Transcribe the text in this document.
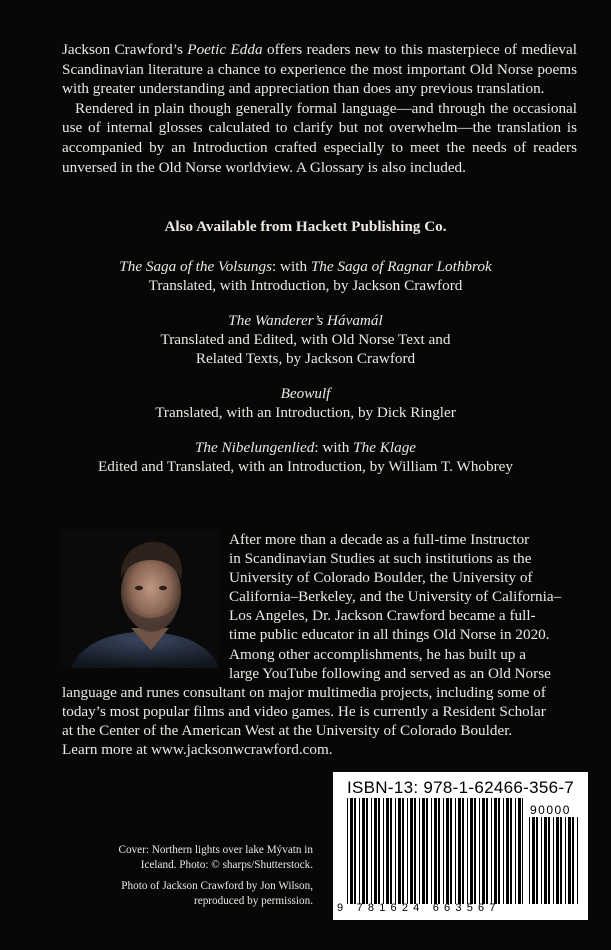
Jackson Crawford’s Poetic Edda offers readers new to this masterpiece of medieval Scandinavian literature a chance to experience the most important Old Norse poems with greater understanding and appreciation than does any previous translation.

Rendered in plain though generally formal language—and through the occasional use of internal glosses calculated to clarify but not overwhelm—the translation is accompanied by an Introduction crafted especially to meet the needs of readers unversed in the Old Norse worldview. A Glossary is also included.

Also Available from Hackett Publishing Co.
The Saga of the Volsungs: with The Saga of Ragnar Lothbrok
Translated, with Introduction, by Jackson Crawford
The Wanderer’s Hávamál
Translated and Edited, with Old Norse Text and
Related Texts, by Jackson Crawford
Beowulf
Translated, with an Introduction, by Dick Ringler
The Nibelungenlied: with The Klage
Edited and Translated, with an Introduction, by William T. Whobrey
After more than a decade as a full-time Instructor
in Scandinavian Studies at such institutions as the
University of Colorado Boulder, the University of
California–Berkeley, and the University of California–
Los Angeles, Dr. Jackson Crawford became a full-
time public educator in all things Old Norse in 2020.
Among other accomplishments, he has built up a
large YouTube following and served as an Old Norse
language and runes consultant on major multimedia projects, including some of
today’s most popular films and video games. He is currently a Resident Scholar
at the Center of the American West at the University of Colorado Boulder.
Learn more at www.jacksonwcrawford.com.

Cover: Northern lights over lake Mývatn in
Iceland. Photo: © sharps/Shutterstock.

Photo of Jackson Crawford by Jon Wilson,
reproduced by permission.

ISBN-13: 978-1-62466-356-7
90000
9 781624 663567
